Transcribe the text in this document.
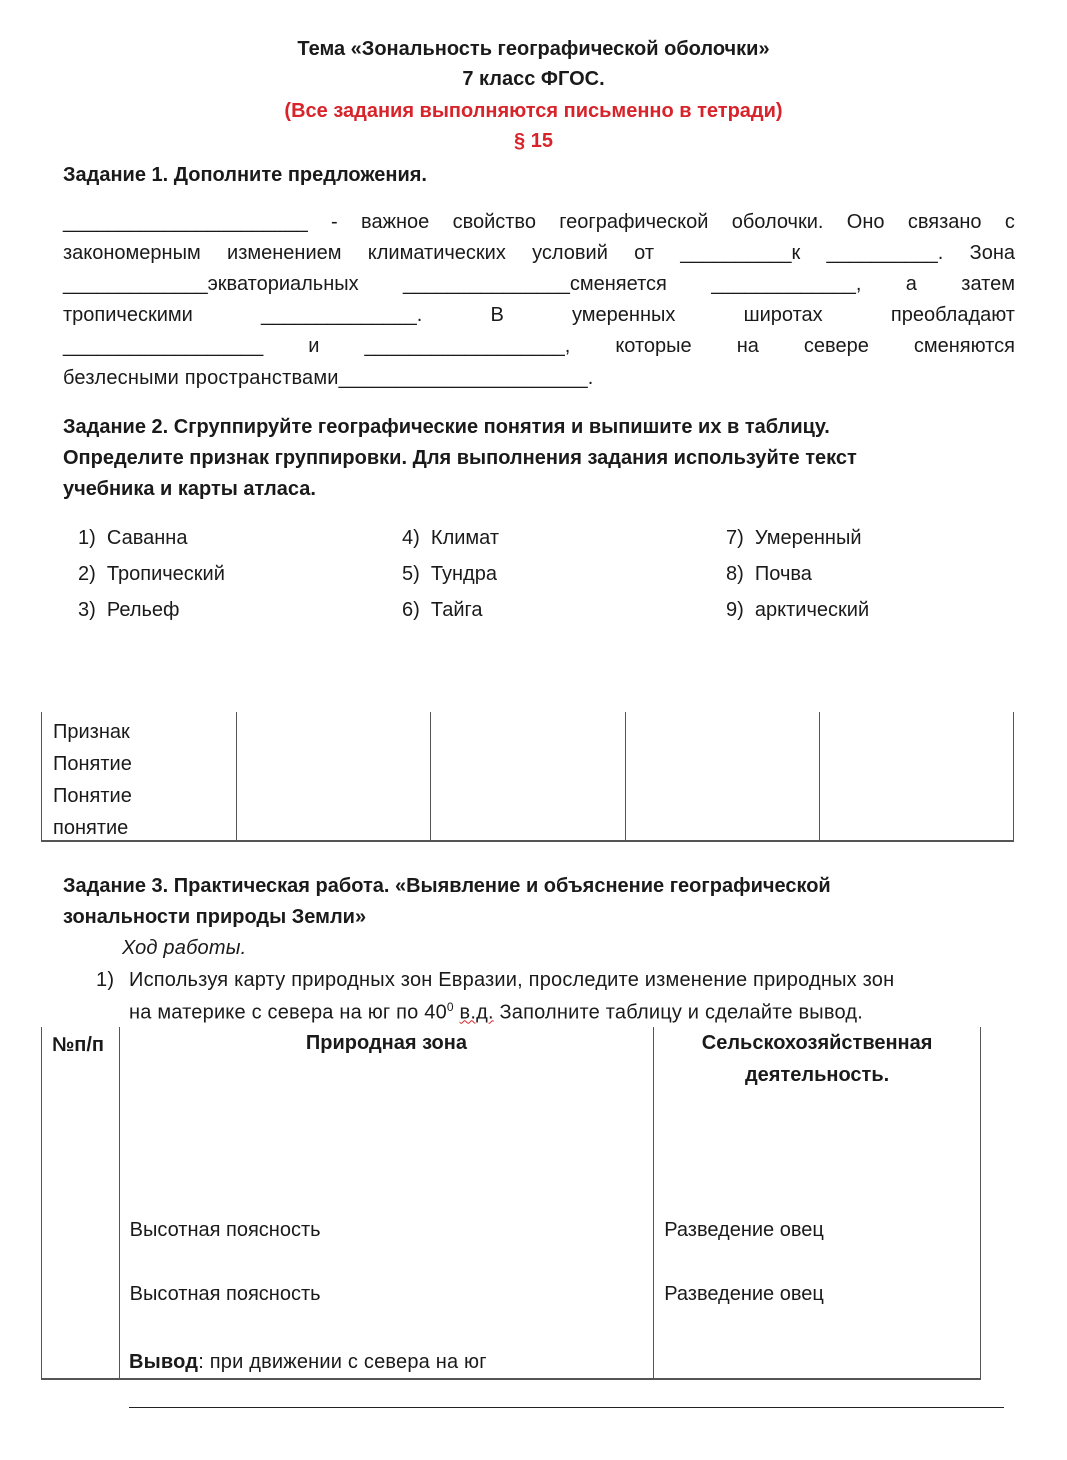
Тема «Зональность географической оболочки»
7 класс ФГОС.
(Все задания выполняются письменно в тетради)
§ 15
Задание 1. Дополните предложения.
______________________ - важное свойство географической оболочки. Оно связано с
закономерным изменением климатических условий от __________к __________. Зона
_____________экваториальных _______________сменяется _____________, а затем
тропическими	______________.	В	умеренных	широтах	преобладают
__________________ и __________________, которые на севере сменяются
безлесными пространствами______________________.
Задание 2. Сгруппируйте географические понятия и выпишите их в таблицу.
Определите признак группировки. Для выполнения задания используйте текст
учебника и карты атласа.
1) Саванна
2) Тропический
3) Рельеф
4) Климат
5) Тундра
6) Тайга
7) Умеренный
8) Почва
9) арктический
Признак				
Понятие				
Понятие				
понятие				
Задание 3. Практическая работа. «Выявление и объяснение географической
зональности природы Земли»
Ход работы.
1) Используя карту природных зон Евразии, проследите изменение природных зон
на материке с севера на юг по $40^0$ в.д. Заполните таблицу и сделайте вывод.
№п/п	Природная зона	Сельскохозяйственная деятельность.

	Высотная поясность	Разведение овец
	Высотная поясность	Разведение овец

Вывод: при движении с севера на юг
